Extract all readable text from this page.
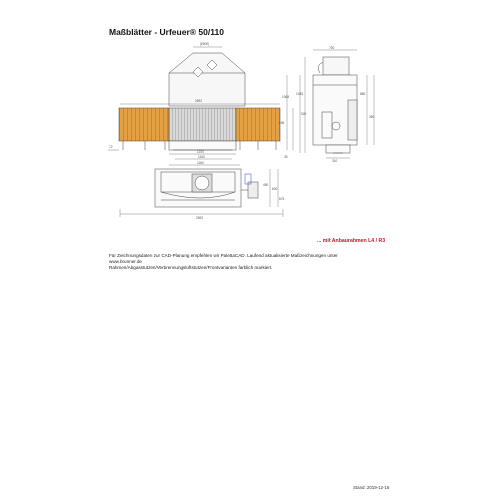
Maßblätter - Urfeuer® 50/110
(6500)
2692
1370
1160
72
1065
695
35
700
1045
920
880
350
310
1180
2692
450
600
675
... mit Anbaurahmen L4 / R3
Für Zeichnungsdaten zur CAD-Planung empfehlen wir PalettaCAD. Laufend aktualisierte Maßzeichnungen unter
www.brunner.de
Rahmen/Abgasstutzen/Verbrennungsluftstutzen/Frontvarianten farblich markiert.
Stand: 2019-12-16
